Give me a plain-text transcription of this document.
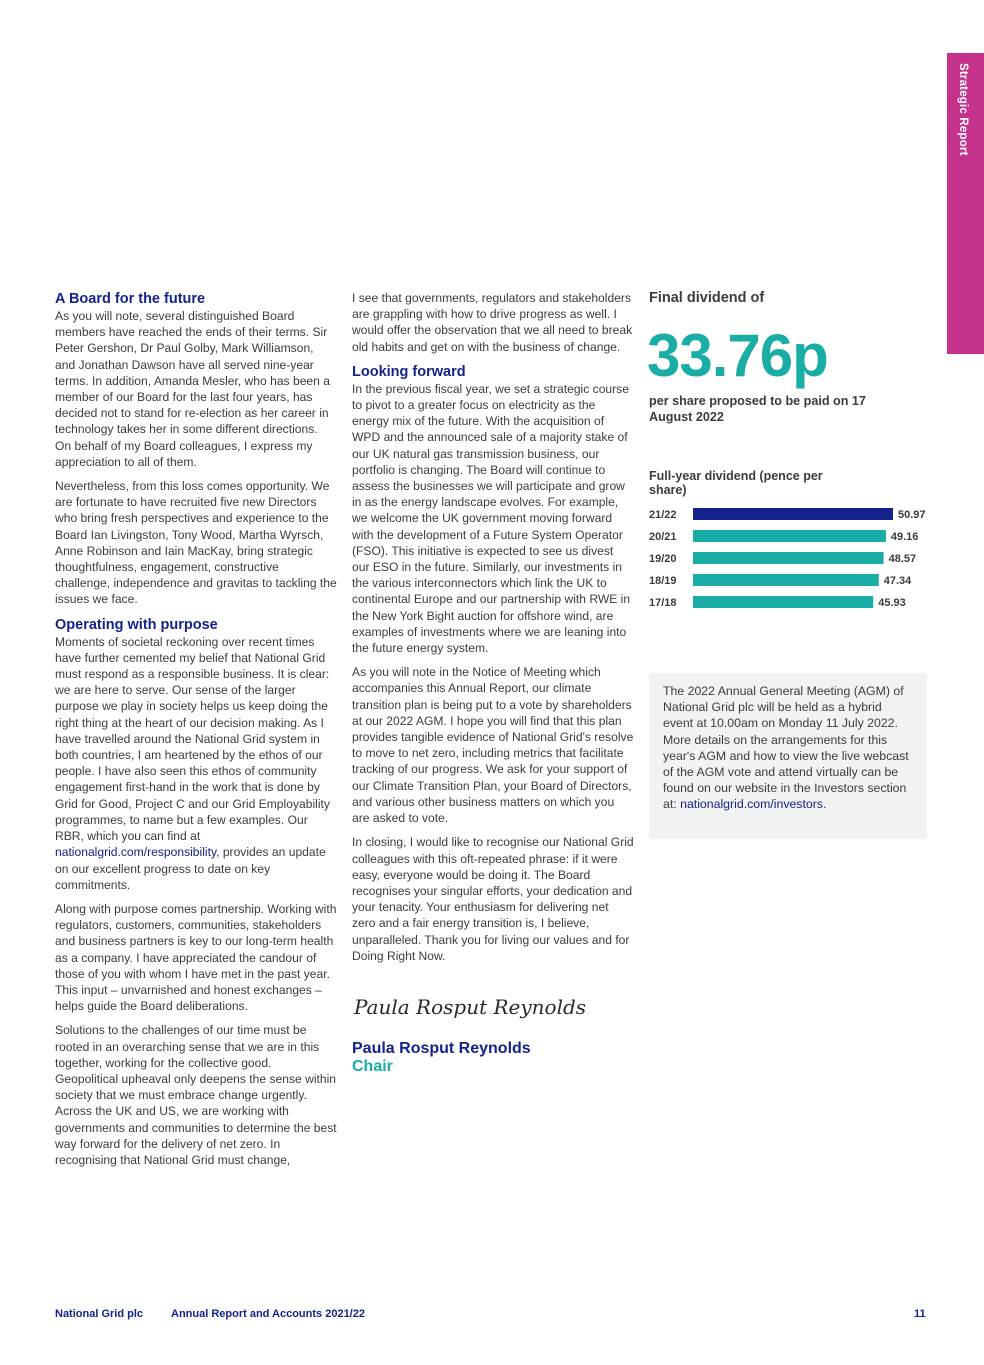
Strategic Report
A Board for the future

As you will note, several distinguished Board members have reached the ends of their terms. Sir Peter Gershon, Dr Paul Golby, Mark Williamson, and Jonathan Dawson have all served nine-year terms. In addition, Amanda Mesler, who has been a member of our Board for the last four years, has decided not to stand for re-election as her career in technology takes her in some different directions. On behalf of my Board colleagues, I express my appreciation to all of them.

Nevertheless, from this loss comes opportunity. We are fortunate to have recruited five new Directors who bring fresh perspectives and experience to the Board Ian Livingston, Tony Wood, Martha Wyrsch, Anne Robinson and Iain MacKay, bring strategic thoughtfulness, engagement, constructive challenge, independence and gravitas to tackling the issues we face.

Operating with purpose

Moments of societal reckoning over recent times have further cemented my belief that National Grid must respond as a responsible business. It is clear: we are here to serve. Our sense of the larger purpose we play in society helps us keep doing the right thing at the heart of our decision making. As I have travelled around the National Grid system in both countries, I am heartened by the ethos of our people. I have also seen this ethos of community engagement first-hand in the work that is done by Grid for Good, Project C and our Grid Employability programmes, to name but a few examples. Our RBR, which you can find at nationalgrid.com/responsibility, provides an update on our excellent progress to date on key commitments.

Along with purpose comes partnership. Working with regulators, customers, communities, stakeholders and business partners is key to our long-term health as a company. I have appreciated the candour of those of you with whom I have met in the past year. This input – unvarnished and honest exchanges – helps guide the Board deliberations.

Solutions to the challenges of our time must be rooted in an overarching sense that we are in this together, working for the collective good. Geopolitical upheaval only deepens the sense within society that we must embrace change urgently. Across the UK and US, we are working with governments and communities to determine the best way forward for the delivery of net zero. In recognising that National Grid must change,

I see that governments, regulators and stakeholders are grappling with how to drive progress as well. I would offer the observation that we all need to break old habits and get on with the business of change.

Looking forward

In the previous fiscal year, we set a strategic course to pivot to a greater focus on electricity as the energy mix of the future. With the acquisition of WPD and the announced sale of a majority stake of our UK natural gas transmission business, our portfolio is changing. The Board will continue to assess the businesses we will participate and grow in as the energy landscape evolves. For example, we welcome the UK government moving forward with the development of a Future System Operator (FSO). This initiative is expected to see us divest our ESO in the future. Similarly, our investments in the various interconnectors which link the UK to continental Europe and our partnership with RWE in the New York Bight auction for offshore wind, are examples of investments where we are leaning into the future energy system.

As you will note in the Notice of Meeting which accompanies this Annual Report, our climate transition plan is being put to a vote by shareholders at our 2022 AGM. I hope you will find that this plan provides tangible evidence of National Grid's resolve to move to net zero, including metrics that facilitate tracking of our progress. We ask for your support of our Climate Transition Plan, your Board of Directors, and various other business matters on which you are asked to vote.

In closing, I would like to recognise our National Grid colleagues with this oft-repeated phrase: if it were easy, everyone would be doing it. The Board recognises your singular efforts, your dedication and your tenacity. Your enthusiasm for delivering net zero and a fair energy transition is, I believe, unparalleled. Thank you for living our values and for Doing Right Now.

Paula Rosput Reynolds
Paula Rosput Reynolds
Chair
Final dividend of
33.76p
per share proposed to be paid on 17 August 2022
Full-year dividend (pence per share)
21/22	50.97
20/21	49.16
19/20	48.57
18/19	47.34
17/18	45.93
The 2022 Annual General Meeting (AGM) of National Grid plc will be held as a hybrid event at 10.00am on Monday 11 July 2022. More details on the arrangements for this year's AGM and how to view the live webcast of the AGM vote and attend virtually can be found on our website in the Investors section at: nationalgrid.com/investors.
National Grid plc	Annual Report and Accounts 2021/22	11
